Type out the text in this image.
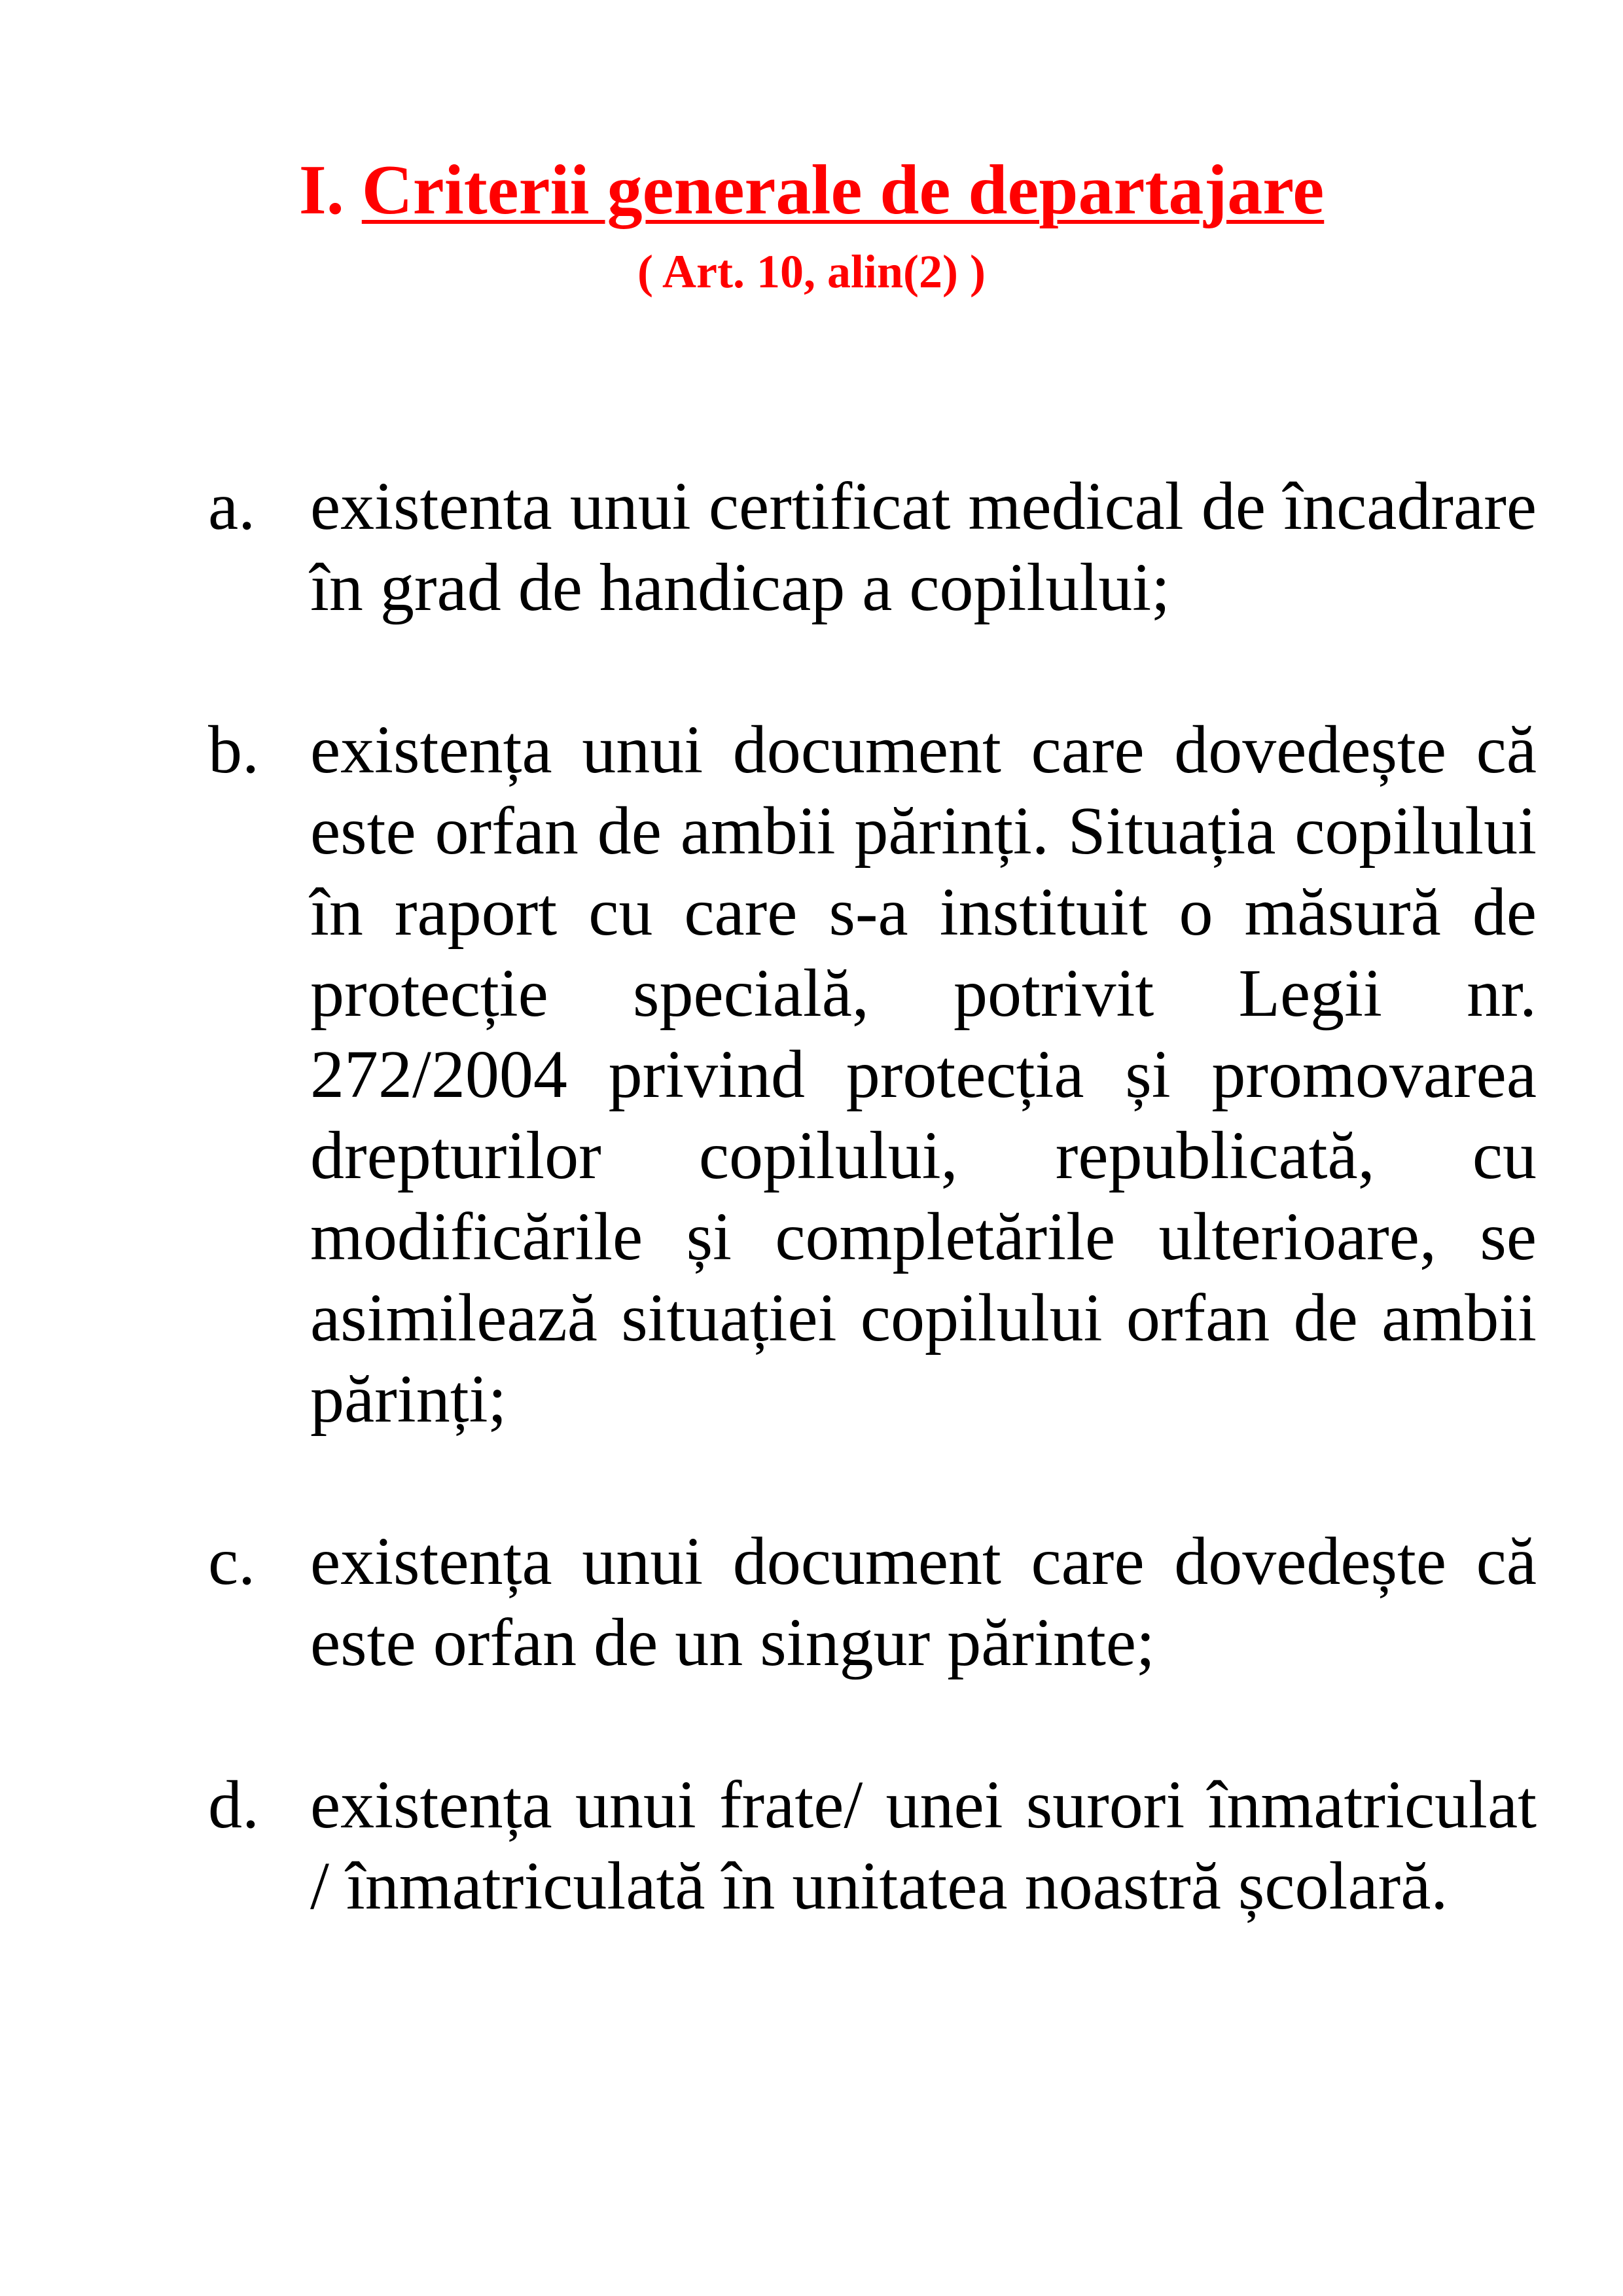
I. Criterii generale de departajare
( Art. 10, alin(2) )
a. existenta unui certificat medical de încadrare în grad de handicap a copilului;
b. existența unui document care dovedește că este orfan de ambii părinți. Situația copilului în raport cu care s-a instituit o măsură de protecție specială, potrivit Legii nr. 272/2004 privind protecția și promovarea drepturilor copilului, republicată, cu modificările și completările ulterioare, se asimilează situației copilului orfan de ambii părinți;
c. existența unui document care dovedește că este orfan de un singur părinte;
d. existența unui frate/ unei surori înmatriculat / înmatriculată în unitatea noastră școlară.
